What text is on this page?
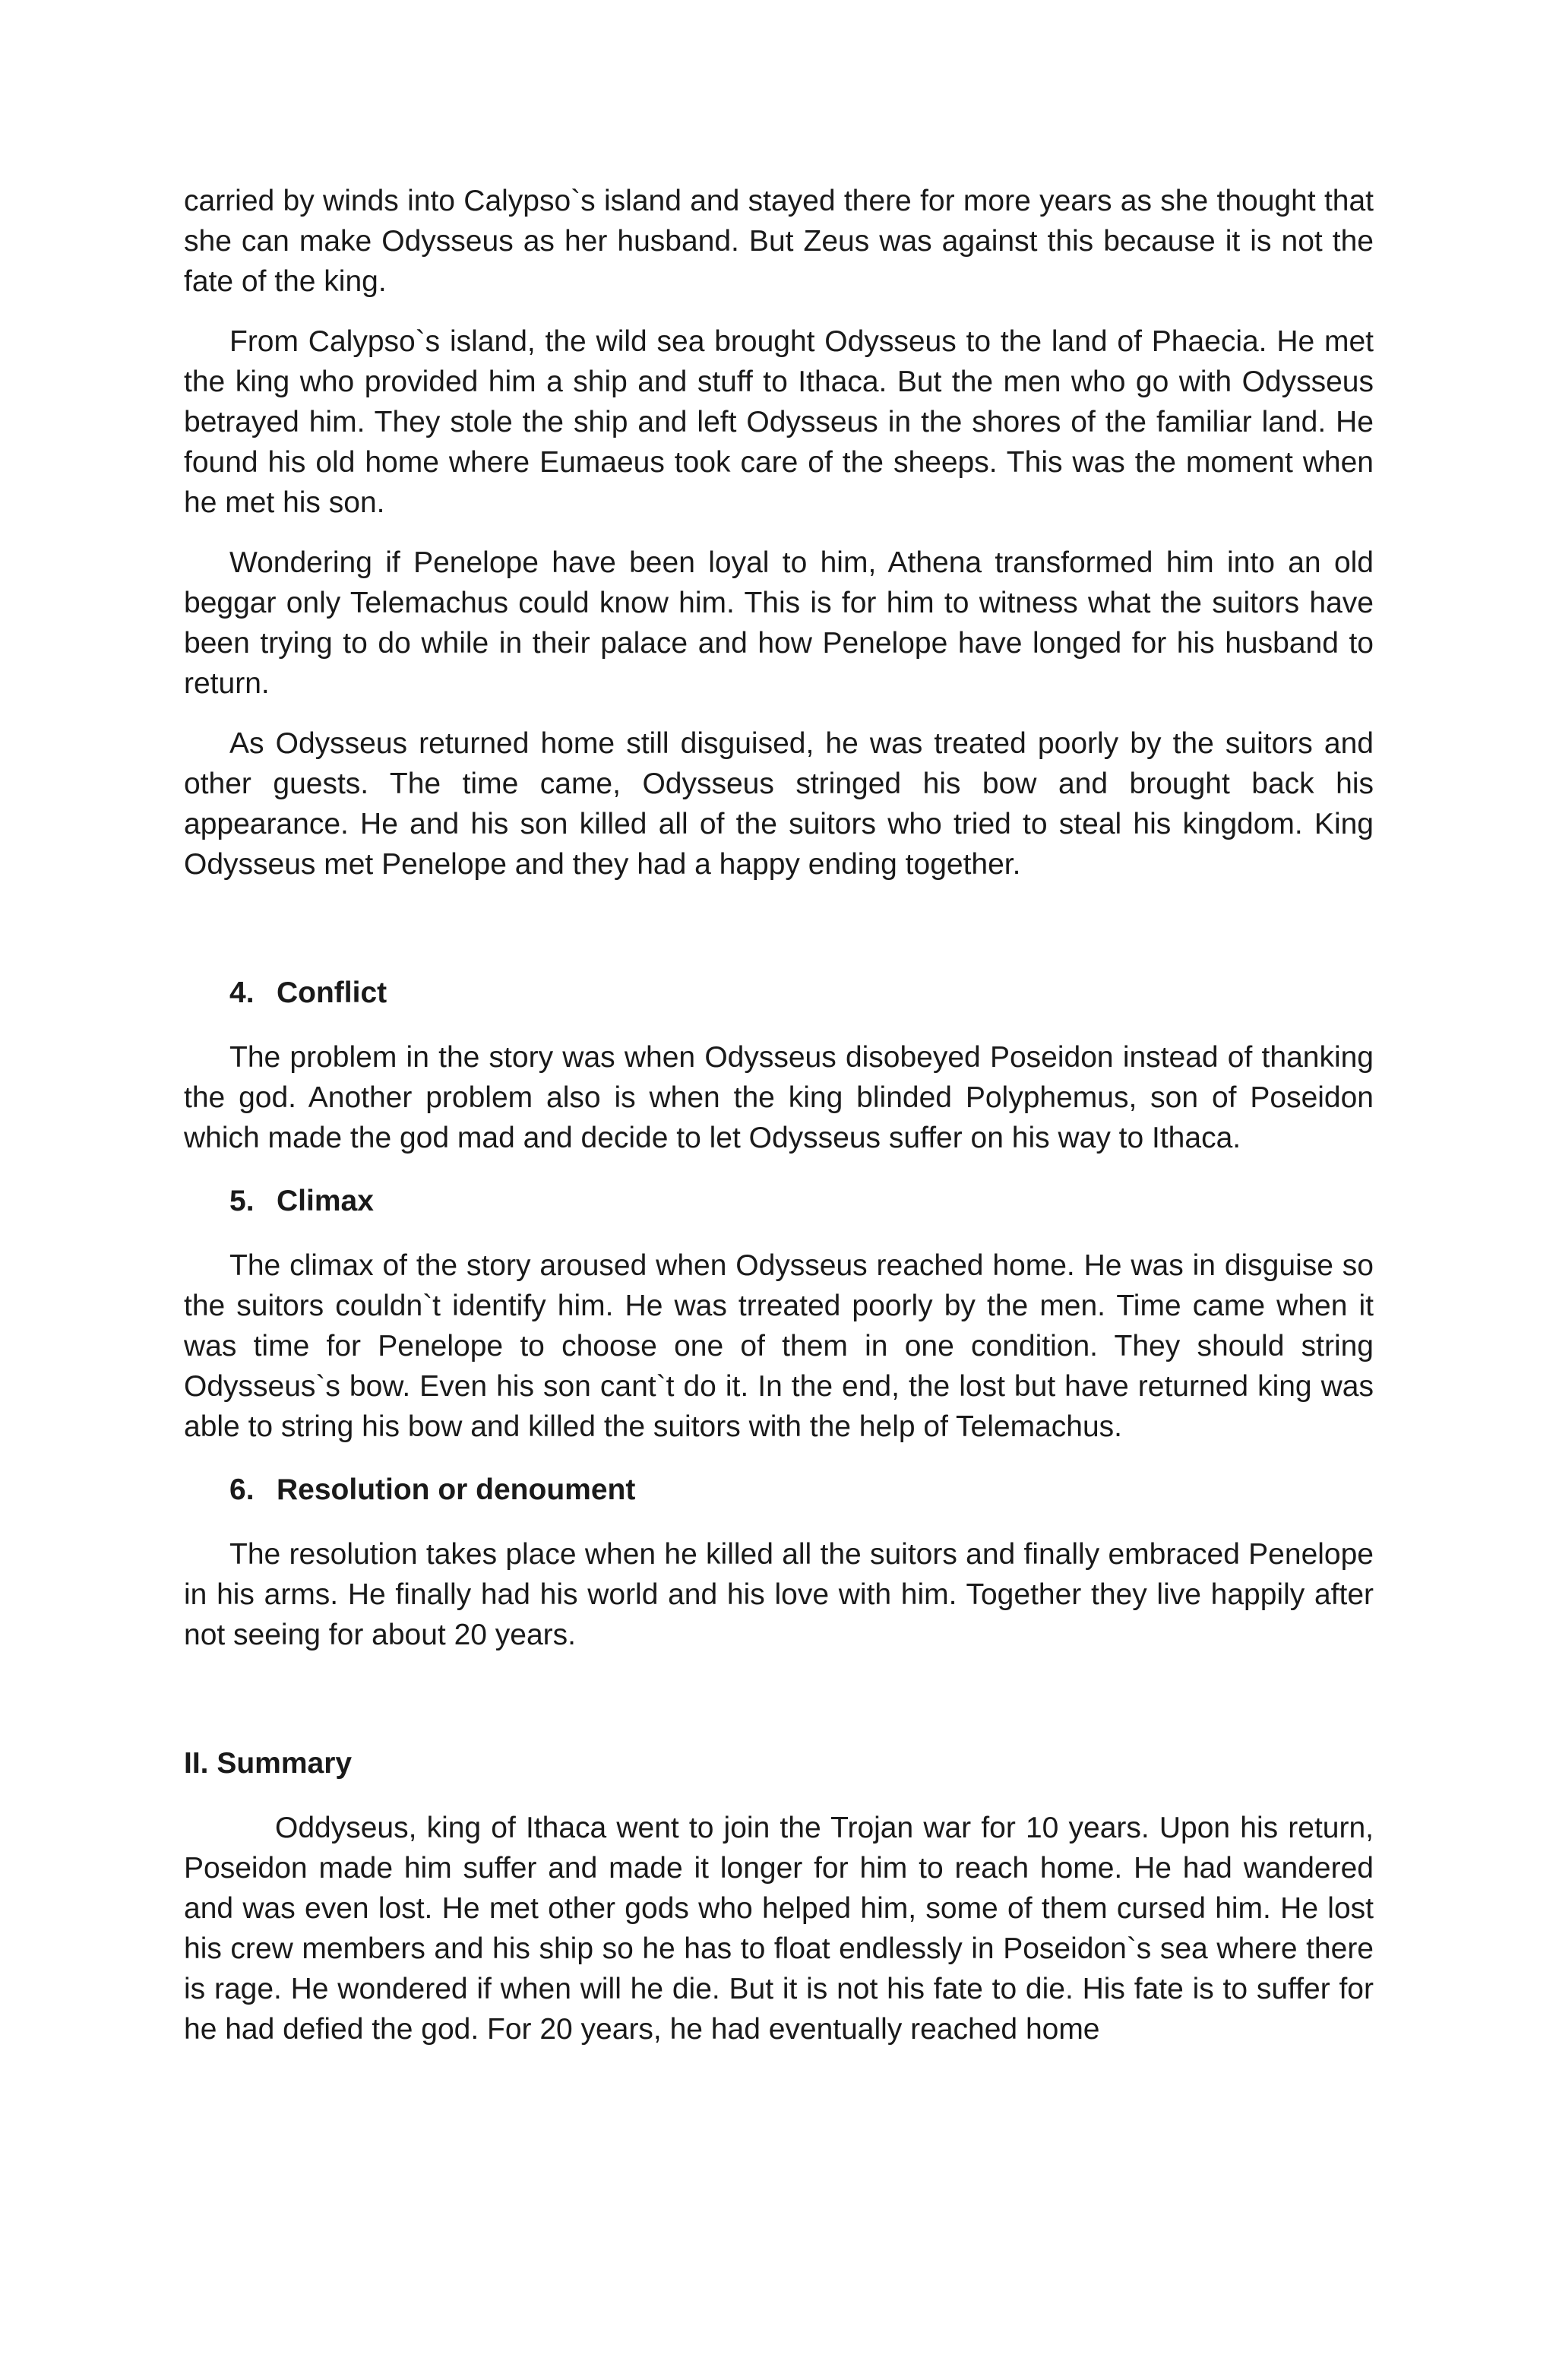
carried by winds into Calypso`s island and stayed there for more years as she thought that she can make Odysseus as her husband. But Zeus was against this because it is not the fate of the king.

From Calypso`s island, the wild sea brought Odysseus to the land of Phaecia. He met the king who provided him a ship and stuff to Ithaca. But the men who go with Odysseus betrayed him. They stole the ship and left Odysseus in the shores of the familiar land. He found his old home where Eumaeus took care of the sheeps. This was the moment when he met his son.

Wondering if Penelope have been loyal to him, Athena transformed him into an old beggar only Telemachus could know him. This is for him to witness what the suitors have been trying to do while in their palace and how Penelope have longed for his husband to return.

As Odysseus returned home still disguised, he was treated poorly by the suitors and other guests. The time came, Odysseus stringed his bow and brought back his appearance. He and his son killed all of the suitors who tried to steal his kingdom. King Odysseus met Penelope and they had a happy ending together.

4. Conflict

The problem in the story was when Odysseus disobeyed Poseidon instead of thanking the god. Another problem also is when the king blinded Polyphemus, son of Poseidon which made the god mad and decide to let Odysseus suffer on his way to Ithaca.

5. Climax

The climax of the story aroused when Odysseus reached home. He was in disguise so the suitors couldn`t identify him. He was trreated poorly by the men. Time came when it was time for Penelope to choose one of them in one condition. They should string Odysseus`s bow. Even his son cant`t do it. In the end, the lost but have returned king was able to string his bow and killed the suitors with the help of Telemachus.

6. Resolution or denoument

The resolution takes place when he killed all the suitors and finally embraced Penelope in his arms. He finally had his world and his love with him. Together they live happily after not seeing for about 20 years.

II. Summary

Oddyseus, king of Ithaca went to join the Trojan war for 10 years. Upon his return, Poseidon made him suffer and made it longer for him to reach home. He had wandered and was even lost. He met other gods who helped him, some of them cursed him. He lost his crew members and his ship so he has to float endlessly in Poseidon`s sea where there is rage. He wondered if when will he die. But it is not his fate to die. His fate is to suffer for he had defied the god. For 20 years, he had eventually reached home
